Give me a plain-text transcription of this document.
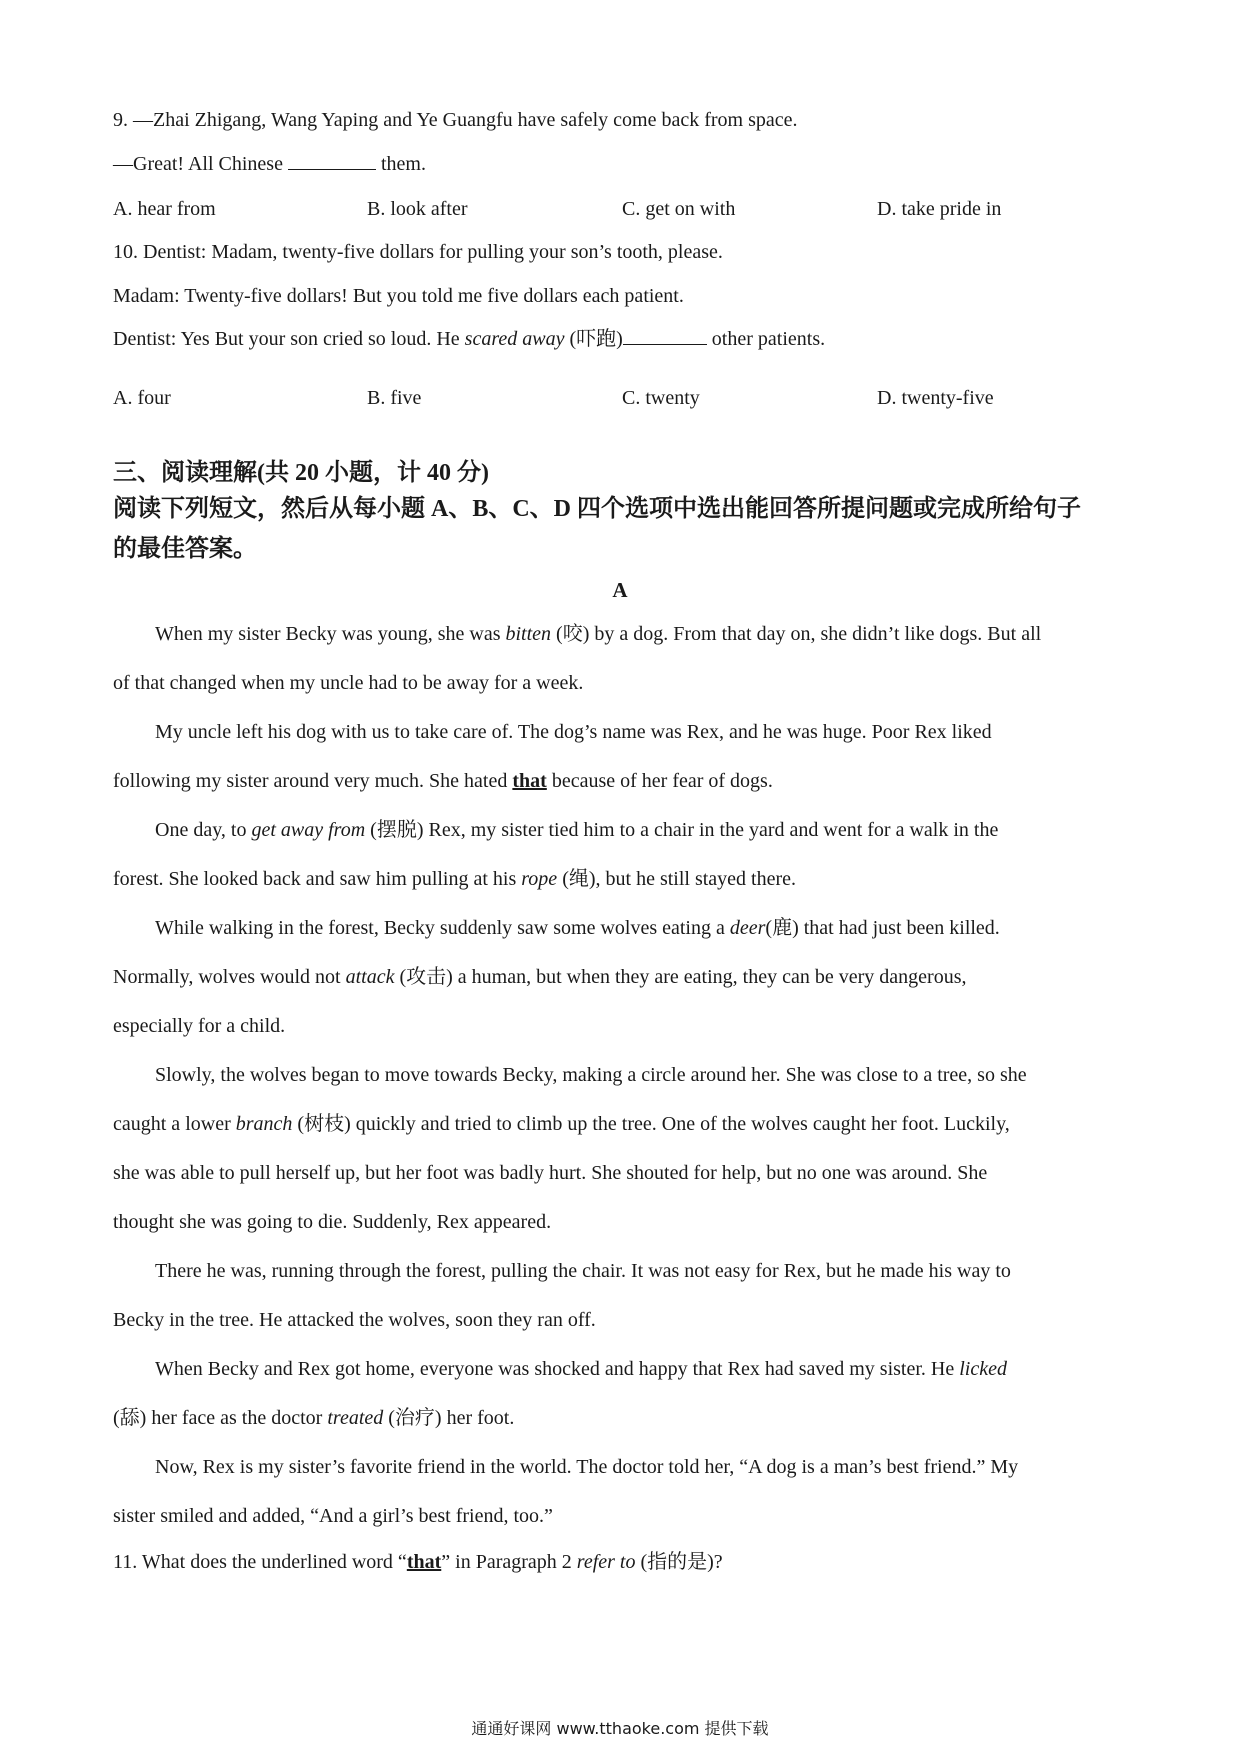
9. —Zhai Zhigang, Wang Yaping and Ye Guangfu have safely come back from space.
—Great! All Chinese	them.
A. hear from	B. look after	C. get on with	D. take pride in
10. Dentist: Madam, twenty-five dollars for pulling your son’s tooth, please.
Madam: Twenty-five dollars! But you told me five dollars each patient.
Dentist: Yes But your son cried so loud. He scared away (吓跑)	other patients.
A. four	B. five	C. twenty	D. twenty-five
三、阅读理解(共 20 小题，计 40 分)
阅读下列短文，然后从每小题 A、B、C、D 四个选项中选出能回答所提问题或完成所给句子
的最佳答案。
A
When my sister Becky was young, she was bitten (咬) by a dog. From that day on, she didn’t like dogs. But all
of that changed when my uncle had to be away for a week.
My uncle left his dog with us to take care of. The dog’s name was Rex, and he was huge. Poor Rex liked
following my sister around very much. She hated that because of her fear of dogs.
One day, to get away from (摆脱) Rex, my sister tied him to a chair in the yard and went for a walk in the
forest. She looked back and saw him pulling at his rope (绳), but he still stayed there.
While walking in the forest, Becky suddenly saw some wolves eating a deer(鹿) that had just been killed.
Normally, wolves would not attack (攻击) a human, but when they are eating, they can be very dangerous,
especially for a child.
Slowly, the wolves began to move towards Becky, making a circle around her. She was close to a tree, so she
caught a lower branch (树枝) quickly and tried to climb up the tree. One of the wolves caught her foot. Luckily,
she was able to pull herself up, but her foot was badly hurt. She shouted for help, but no one was around. She
thought she was going to die. Suddenly, Rex appeared.
There he was, running through the forest, pulling the chair. It was not easy for Rex, but he made his way to
Becky in the tree. He attacked the wolves, soon they ran off.
When Becky and Rex got home, everyone was shocked and happy that Rex had saved my sister. He licked
(舔) her face as the doctor treated (治疗) her foot.
Now, Rex is my sister’s favorite friend in the world. The doctor told her, “A dog is a man’s best friend.” My
sister smiled and added, “And a girl’s best friend, too.”
11. What does the underlined word “that” in Paragraph 2 refer to (指的是)?
通通好课网 www.tthaoke.com 提供下载
